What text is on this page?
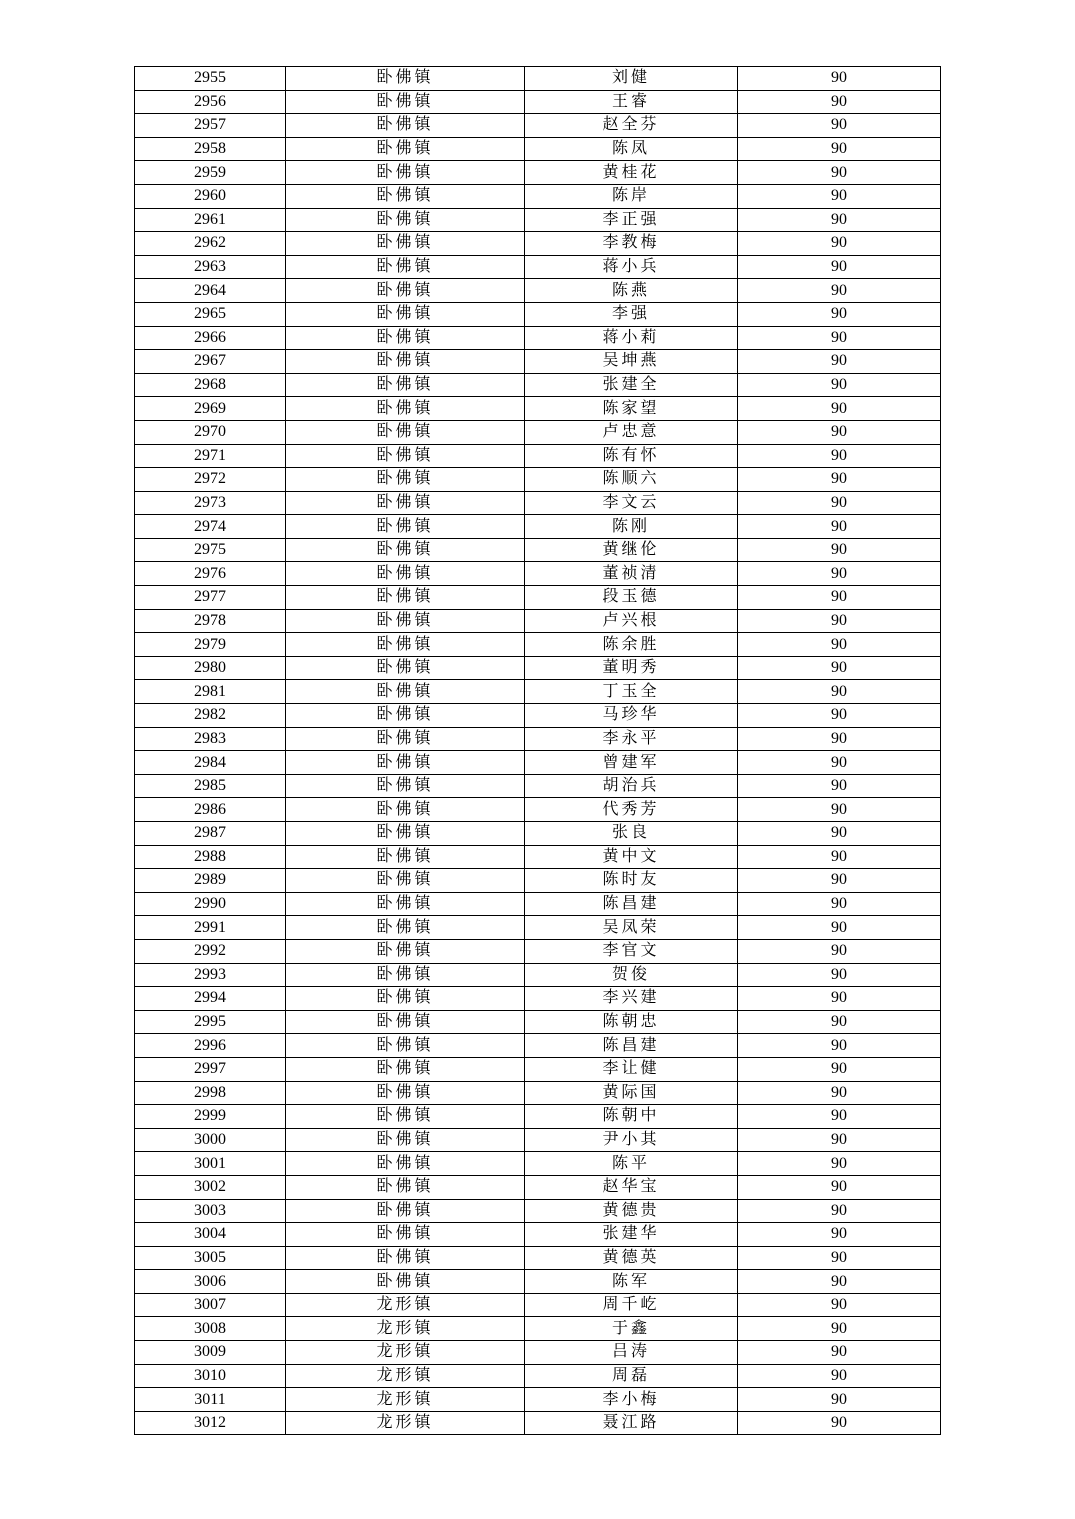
2955	卧佛镇	刘健	90
2956	卧佛镇	王睿	90
2957	卧佛镇	赵全芬	90
2958	卧佛镇	陈凤	90
2959	卧佛镇	黄桂花	90
2960	卧佛镇	陈岸	90
2961	卧佛镇	李正强	90
2962	卧佛镇	李教梅	90
2963	卧佛镇	蒋小兵	90
2964	卧佛镇	陈燕	90
2965	卧佛镇	李强	90
2966	卧佛镇	蒋小莉	90
2967	卧佛镇	吴坤燕	90
2968	卧佛镇	张建全	90
2969	卧佛镇	陈家望	90
2970	卧佛镇	卢忠意	90
2971	卧佛镇	陈有怀	90
2972	卧佛镇	陈顺六	90
2973	卧佛镇	李文云	90
2974	卧佛镇	陈刚	90
2975	卧佛镇	黄继伦	90
2976	卧佛镇	董祯清	90
2977	卧佛镇	段玉德	90
2978	卧佛镇	卢兴根	90
2979	卧佛镇	陈余胜	90
2980	卧佛镇	董明秀	90
2981	卧佛镇	丁玉全	90
2982	卧佛镇	马珍华	90
2983	卧佛镇	李永平	90
2984	卧佛镇	曾建军	90
2985	卧佛镇	胡治兵	90
2986	卧佛镇	代秀芳	90
2987	卧佛镇	张良	90
2988	卧佛镇	黄中文	90
2989	卧佛镇	陈时友	90
2990	卧佛镇	陈昌建	90
2991	卧佛镇	吴凤荣	90
2992	卧佛镇	李官文	90
2993	卧佛镇	贺俊	90
2994	卧佛镇	李兴建	90
2995	卧佛镇	陈朝忠	90
2996	卧佛镇	陈昌建	90
2997	卧佛镇	李让健	90
2998	卧佛镇	黄际国	90
2999	卧佛镇	陈朝中	90
3000	卧佛镇	尹小其	90
3001	卧佛镇	陈平	90
3002	卧佛镇	赵华宝	90
3003	卧佛镇	黄德贵	90
3004	卧佛镇	张建华	90
3005	卧佛镇	黄德英	90
3006	卧佛镇	陈军	90
3007	龙形镇	周千屹	90
3008	龙形镇	于鑫	90
3009	龙形镇	吕涛	90
3010	龙形镇	周磊	90
3011	龙形镇	李小梅	90
3012	龙形镇	聂江路	90
